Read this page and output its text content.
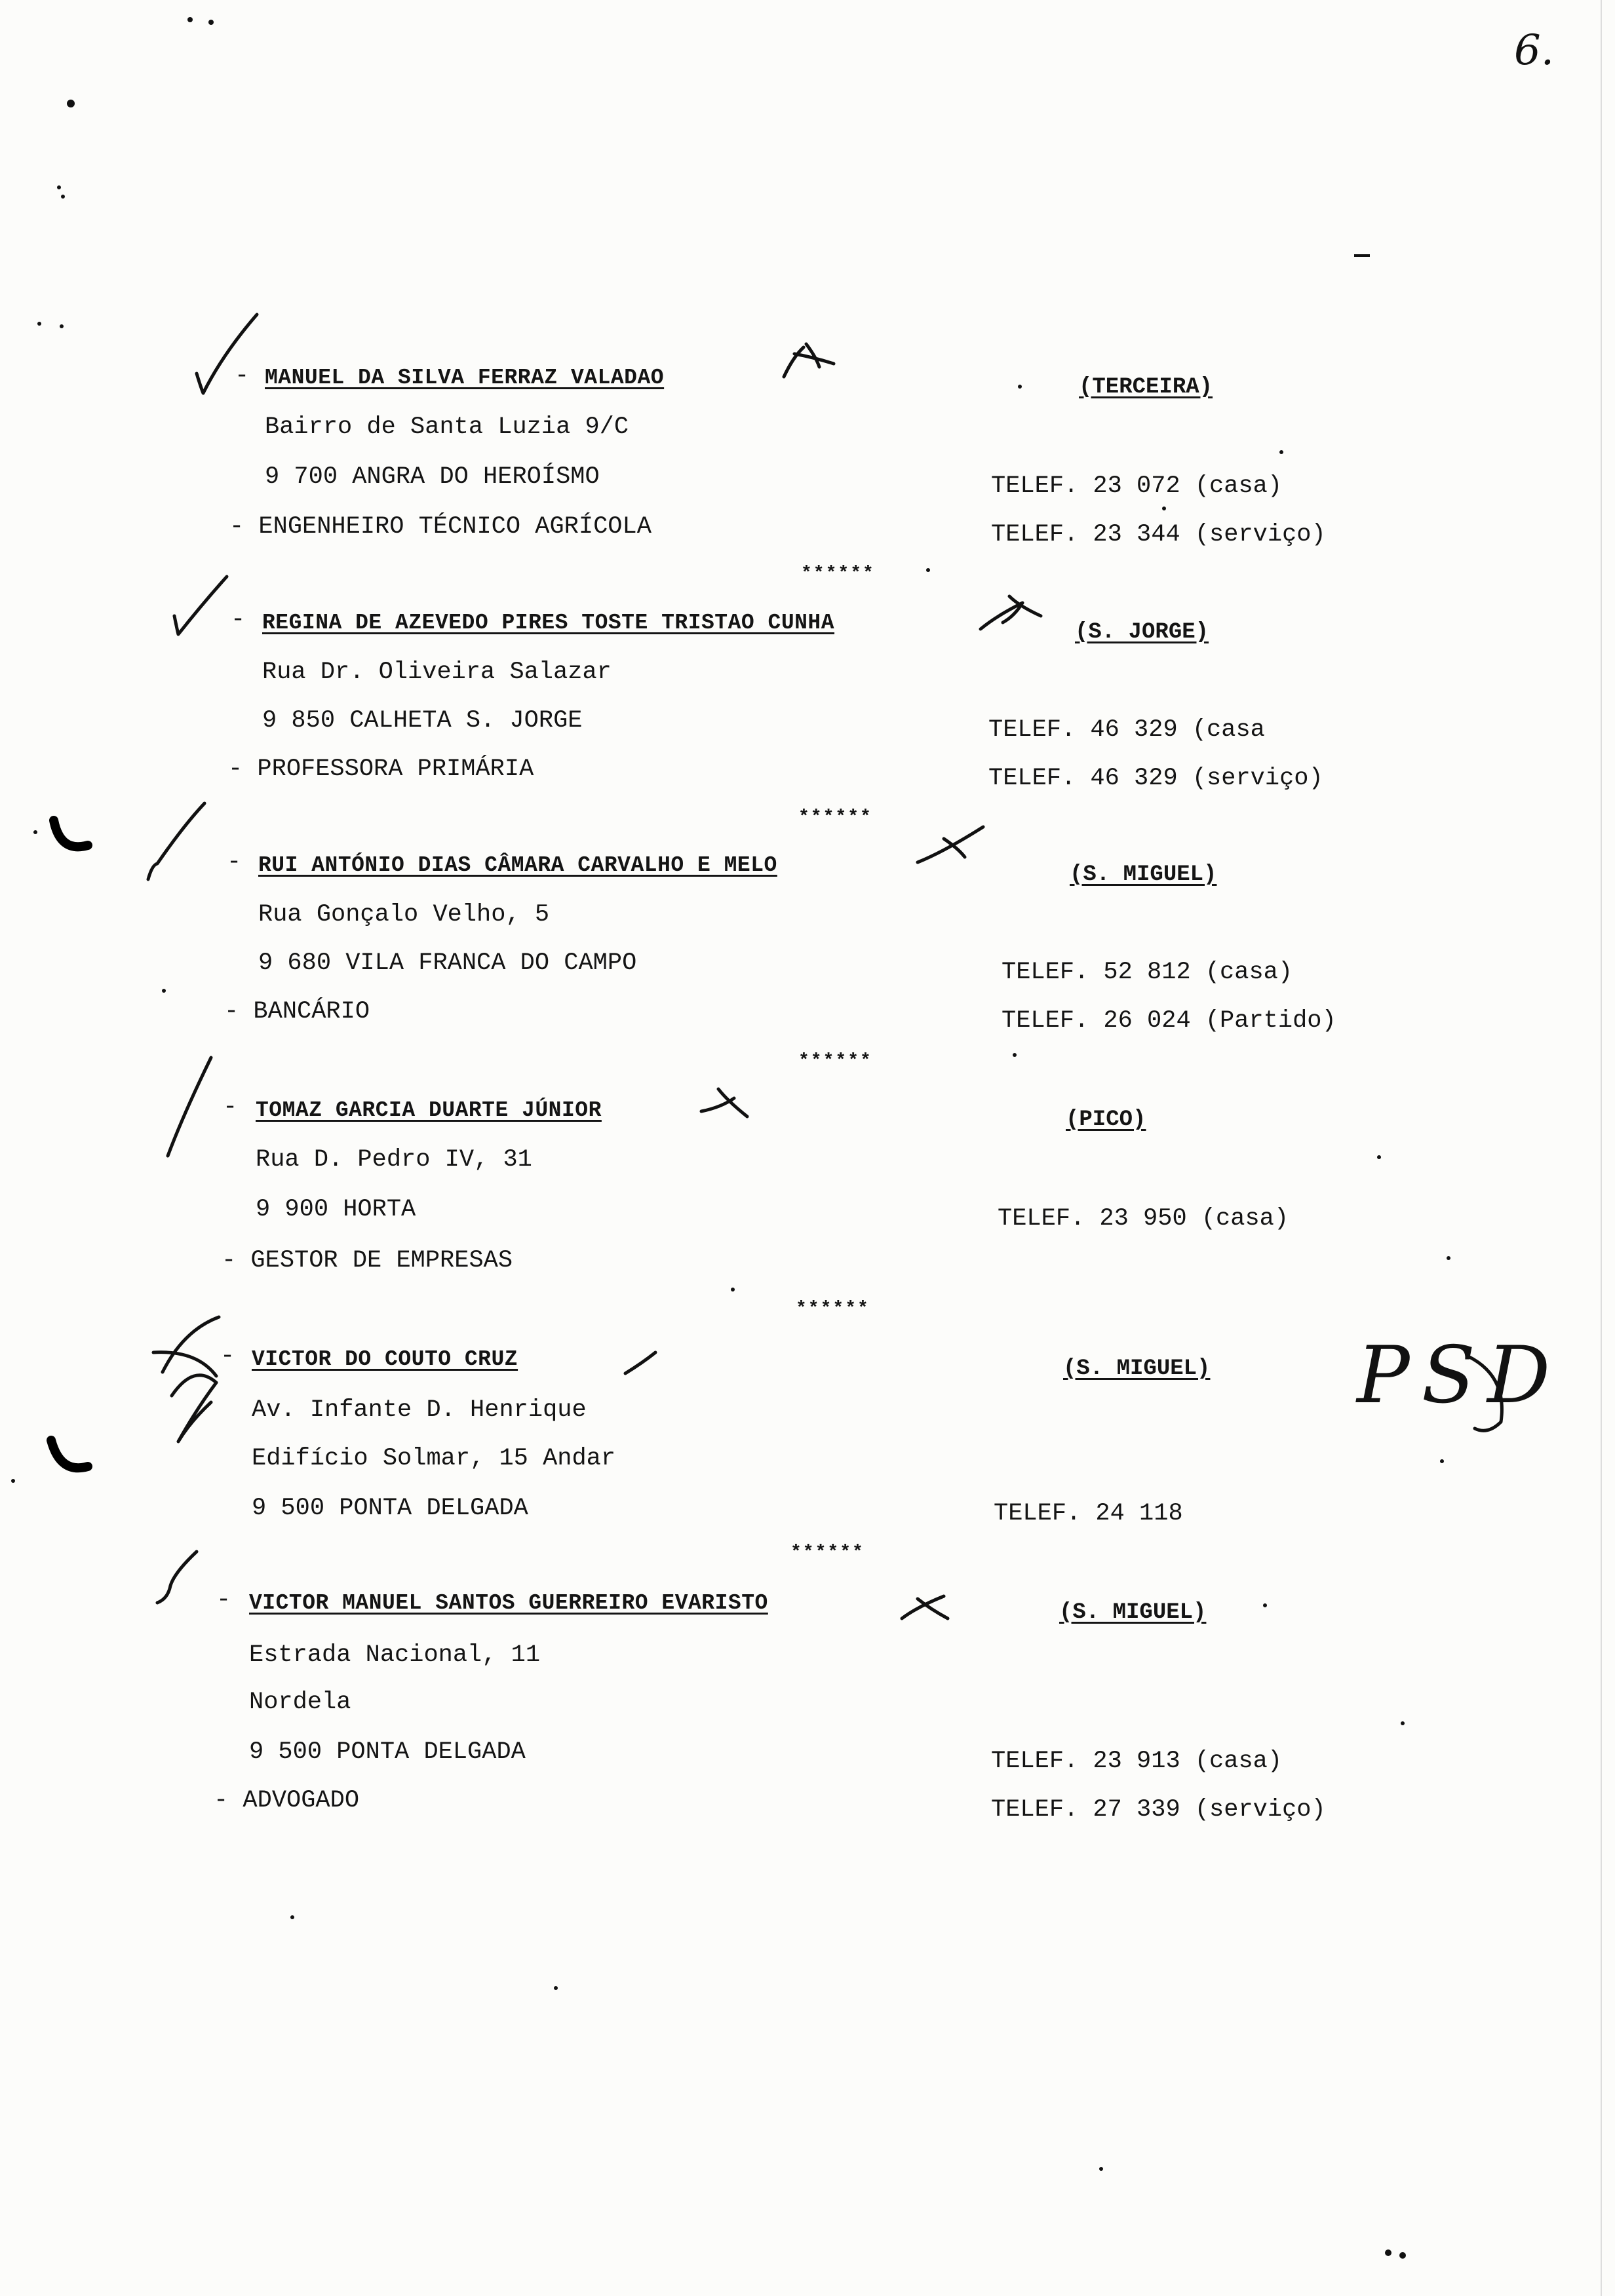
6.
- MANUEL DA SILVA FERRAZ VALADAO	(TERCEIRA)
Bairro de Santa Luzia 9/C
9 700 ANGRA DO HEROÍSMO	TELEF. 23 072 (casa)
- ENGENHEIRO TÉCNICO AGRÍCOLA	TELEF. 23 344 (serviço)
******
- REGINA DE AZEVEDO PIRES TOSTE TRISTAO CUNHA	(S. JORGE)
Rua Dr. Oliveira Salazar
9 850 CALHETA S. JORGE	TELEF. 46 329 (casa
- PROFESSORA PRIMÁRIA	TELEF. 46 329 (serviço)
******
- RUI ANTÓNIO DIAS CÂMARA CARVALHO E MELO	(S. MIGUEL)
Rua Gonçalo Velho, 5
9 680 VILA FRANCA DO CAMPO	TELEF. 52 812 (casa)
- BANCÁRIO	TELEF. 26 024 (Partido)
******
- TOMAZ GARCIA DUARTE JÚNIOR	(PICO)
Rua D. Pedro IV, 31
9 900 HORTA	TELEF. 23 950 (casa)
- GESTOR DE EMPRESAS
******
- VICTOR DO COUTO CRUZ	(S. MIGUEL)
Av. Infante D. Henrique
Edifício Solmar, 15 Andar
9 500 PONTA DELGADA	TELEF. 24 118
PSD
******
- VICTOR MANUEL SANTOS GUERREIRO EVARISTO	(S. MIGUEL)
Estrada Nacional, 11
Nordela
9 500 PONTA DELGADA	TELEF. 23 913 (casa)
- ADVOGADO	TELEF. 27 339 (serviço)
